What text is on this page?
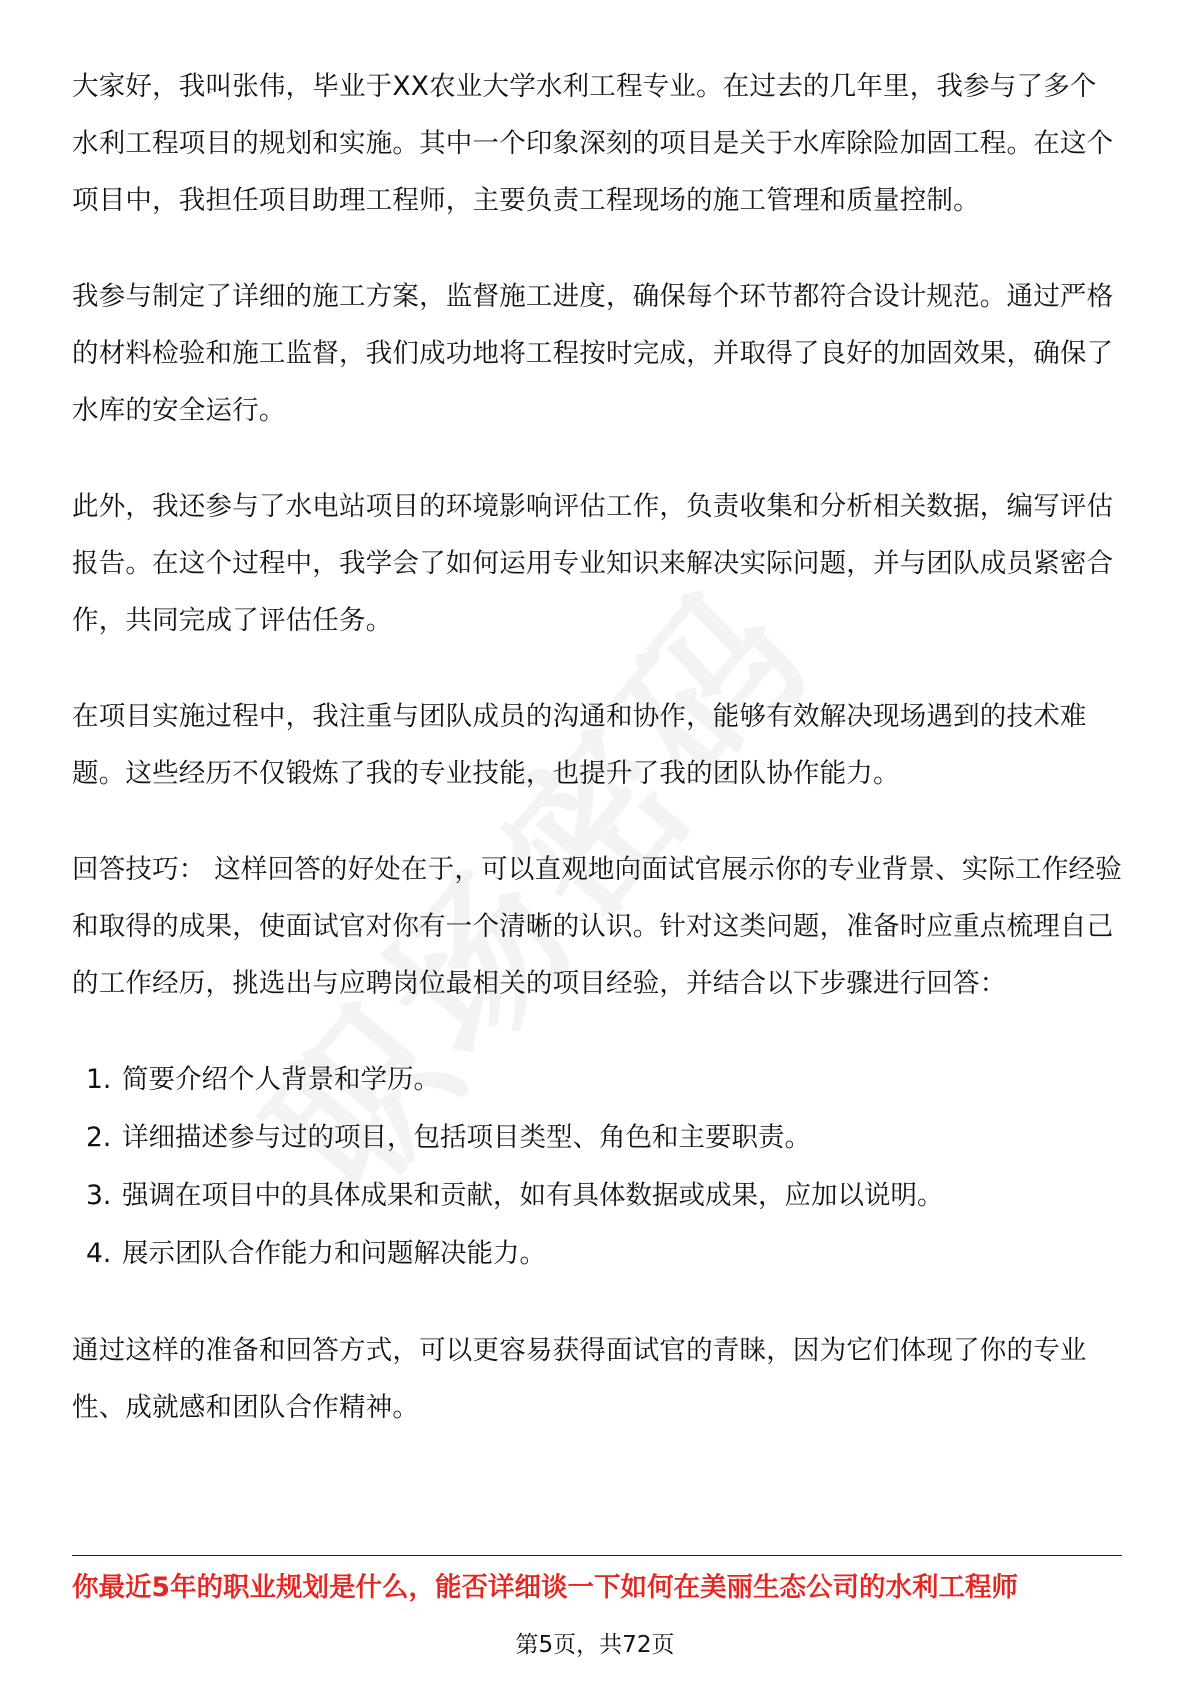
大家好，我叫张伟，毕业于XX农业大学水利工程专业。在过去的几年里，我参与了多个水利工程项目的规划和实施。其中一个印象深刻的项目是关于水库除险加固工程。在这个项目中，我担任项目助理工程师，主要负责工程现场的施工管理和质量控制。

我参与制定了详细的施工方案，监督施工进度，确保每个环节都符合设计规范。通过严格的材料检验和施工监督，我们成功地将工程按时完成，并取得了良好的加固效果，确保了水库的安全运行。

此外，我还参与了水电站项目的环境影响评估工作，负责收集和分析相关数据，编写评估报告。在这个过程中，我学会了如何运用专业知识来解决实际问题，并与团队成员紧密合作，共同完成了评估任务。

在项目实施过程中，我注重与团队成员的沟通和协作，能够有效解决现场遇到的技术难题。这些经历不仅锻炼了我的专业技能，也提升了我的团队协作能力。

回答技巧： 这样回答的好处在于，可以直观地向面试官展示你的专业背景、实际工作经验和取得的成果，使面试官对你有一个清晰的认识。针对这类问题，准备时应重点梳理自己的工作经历，挑选出与应聘岗位最相关的项目经验，并结合以下步骤进行回答：

1. 简要介绍个人背景和学历。
2. 详细描述参与过的项目，包括项目类型、角色和主要职责。
3. 强调在项目中的具体成果和贡献，如有具体数据或成果，应加以说明。
4. 展示团队合作能力和问题解决能力。

通过这样的准备和回答方式，可以更容易获得面试官的青睐，因为它们体现了你的专业性、成就感和团队合作精神。

你最近5年的职业规划是什么，能否详细谈一下如何在美丽生态公司的水利工程师
第5页，共72页
